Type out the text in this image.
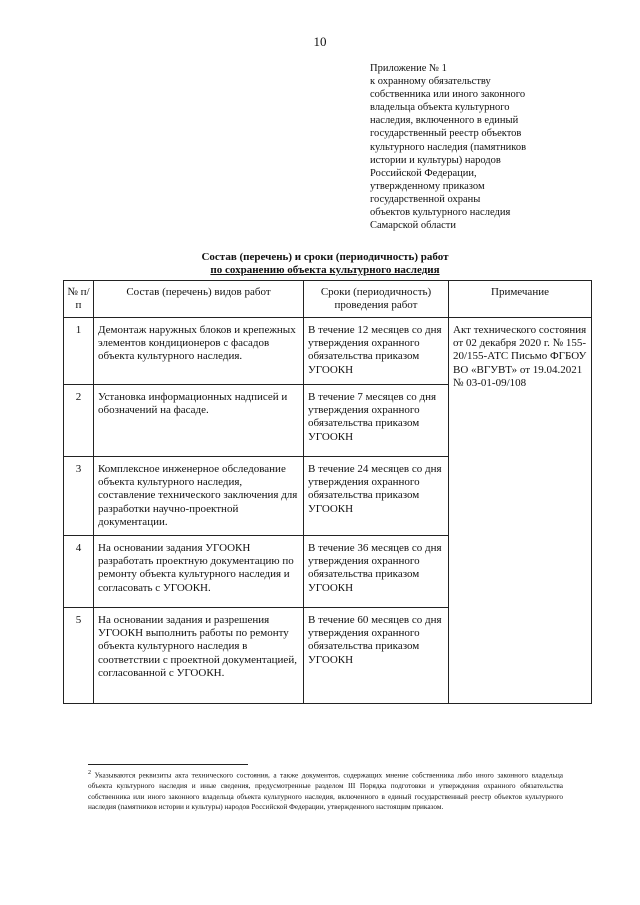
10
Приложение № 1
к охранному обязательству
собственника или иного законного
владельца объекта культурного
наследия, включенного в единый
государственный реестр объектов
культурного наследия (памятников
истории и культуры) народов
Российской Федерации,
утвержденному приказом
государственной охраны
объектов культурного наследия
Самарской области
Состав (перечень) и сроки (периодичность) работ
по сохранению объекта культурного наследия
№ п/п	Состав (перечень) видов работ	Сроки (периодичность) проведения работ	Примечание
1	Демонтаж наружных блоков и крепежных элементов кондиционеров с фасадов объекта культурного наследия.	В течение 12 месяцев со дня утверждения охранного обязательства приказом УГООКН	Акт технического состояния от 02 декабря 2020 г. № 155-20/155-АТС Письмо ФГБОУ ВО «ВГУВТ» от 19.04.2021 № 03-01-09/108
2	Установка информационных надписей и обозначений на фасаде.	В течение 7 месяцев со дня утверждения охранного обязательства приказом УГООКН	
3	Комплексное инженерное обследование объекта культурного наследия, составление технического заключения для разработки научно-проектной документации.	В течение 24 месяцев со дня утверждения охранного обязательства приказом УГООКН	
4	На основании задания УГООКН разработать проектную документацию по ремонту объекта культурного наследия и согласовать с УГООКН.	В течение 36 месяцев со дня утверждения охранного обязательства приказом УГООКН	
5	На основании задания и разрешения УГООКН выполнить работы по ремонту объекта культурного наследия в соответствии с проектной документацией, согласованной с УГООКН.	В течение 60 месяцев со дня утверждения охранного обязательства приказом УГООКН	
$^2$ Указываются реквизиты акта технического состояния, а также документов, содержащих мнение собственника либо иного законного владельца объекта культурного наследия и иные сведения, предусмотренные разделом III Порядка подготовки и утверждения охранного обязательства собственника или иного законного владельца объекта культурного наследия, включенного в единый государственный реестр объектов культурного наследия (памятников истории и культуры) народов Российской Федерации, утвержденного настоящим приказом.
